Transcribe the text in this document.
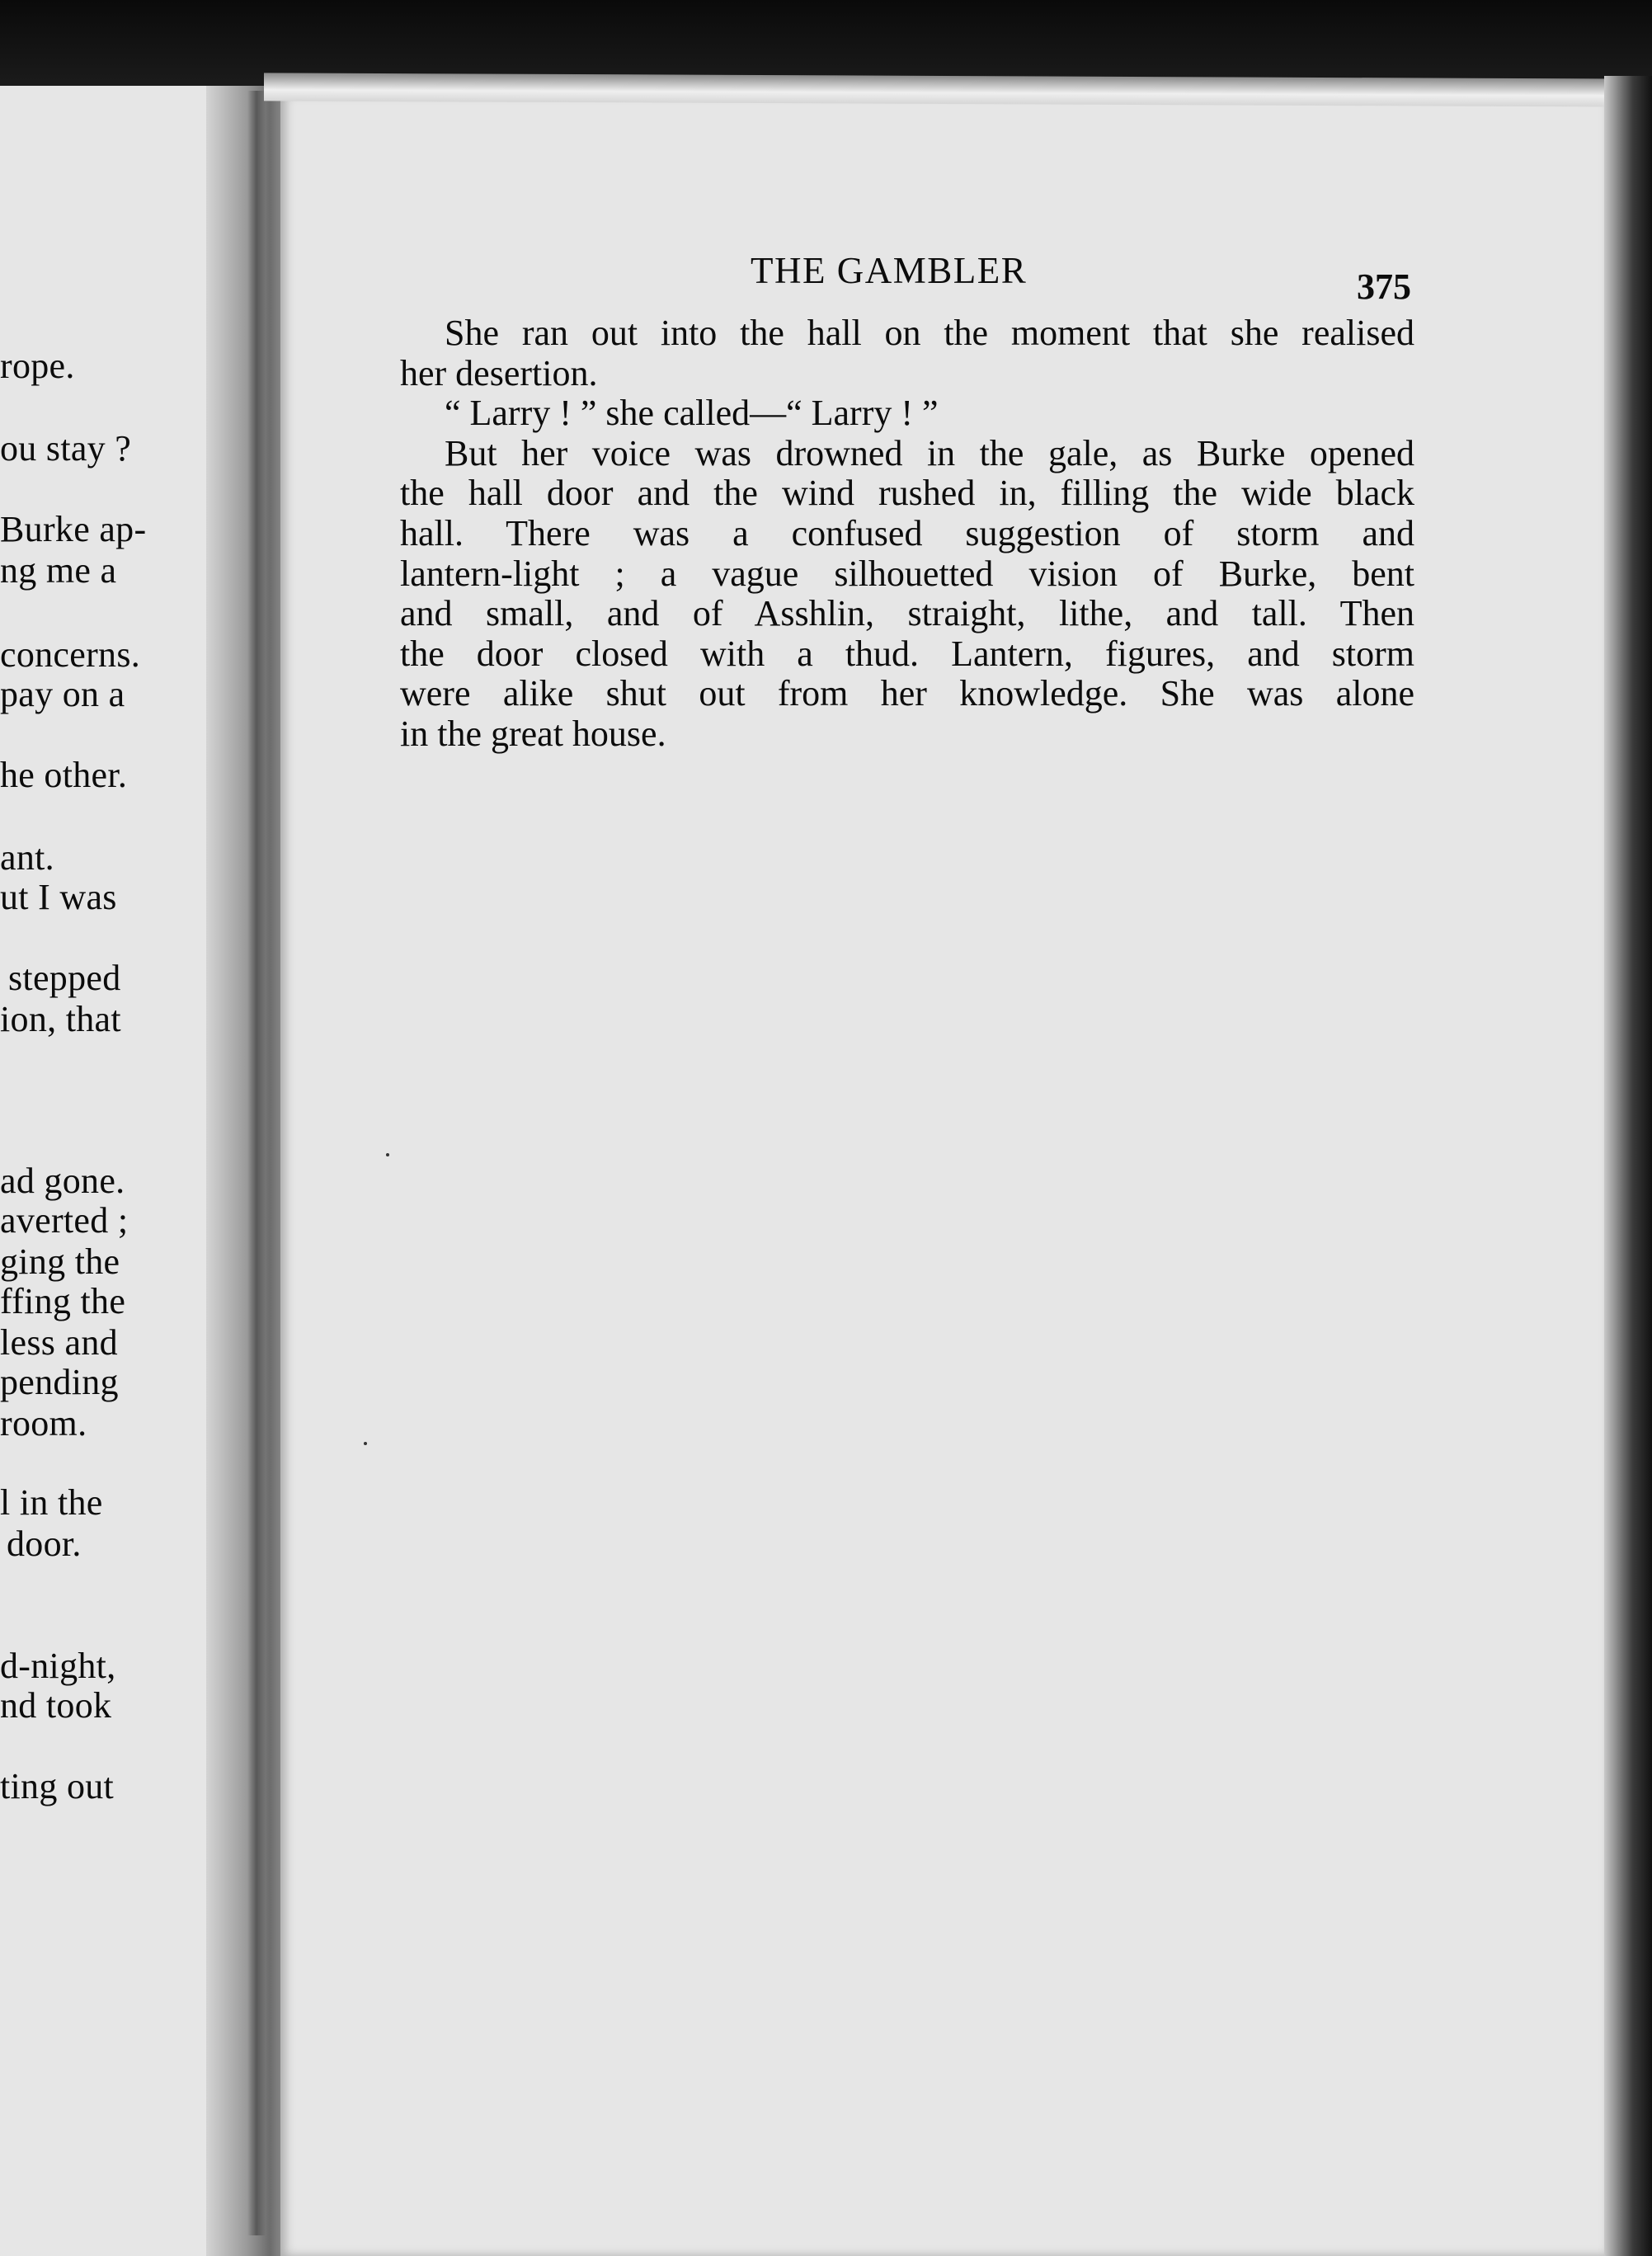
rope.
ou stay ?
Burke ap-
ng me a
concerns.
pay on a
he other.
ant.
ut I was
stepped
ion, that
ad gone.
averted ;
ging the
ffing the
less and
pending
room.
l in the
door.
d-night,
nd took
ting out
THE GAMBLER	375
She ran out into the hall on the moment that she realised
her desertion.
“ Larry ! ” she called—“ Larry ! ”
But her voice was drowned in the gale, as Burke opened
the hall door and the wind rushed in, filling the wide black
hall. There was a confused suggestion of storm and
lantern-light ; a vague silhouetted vision of Burke, bent
and small, and of Asshlin, straight, lithe, and tall. Then
the door closed with a thud. Lantern, figures, and storm
were alike shut out from her knowledge. She was alone
in the great house.
